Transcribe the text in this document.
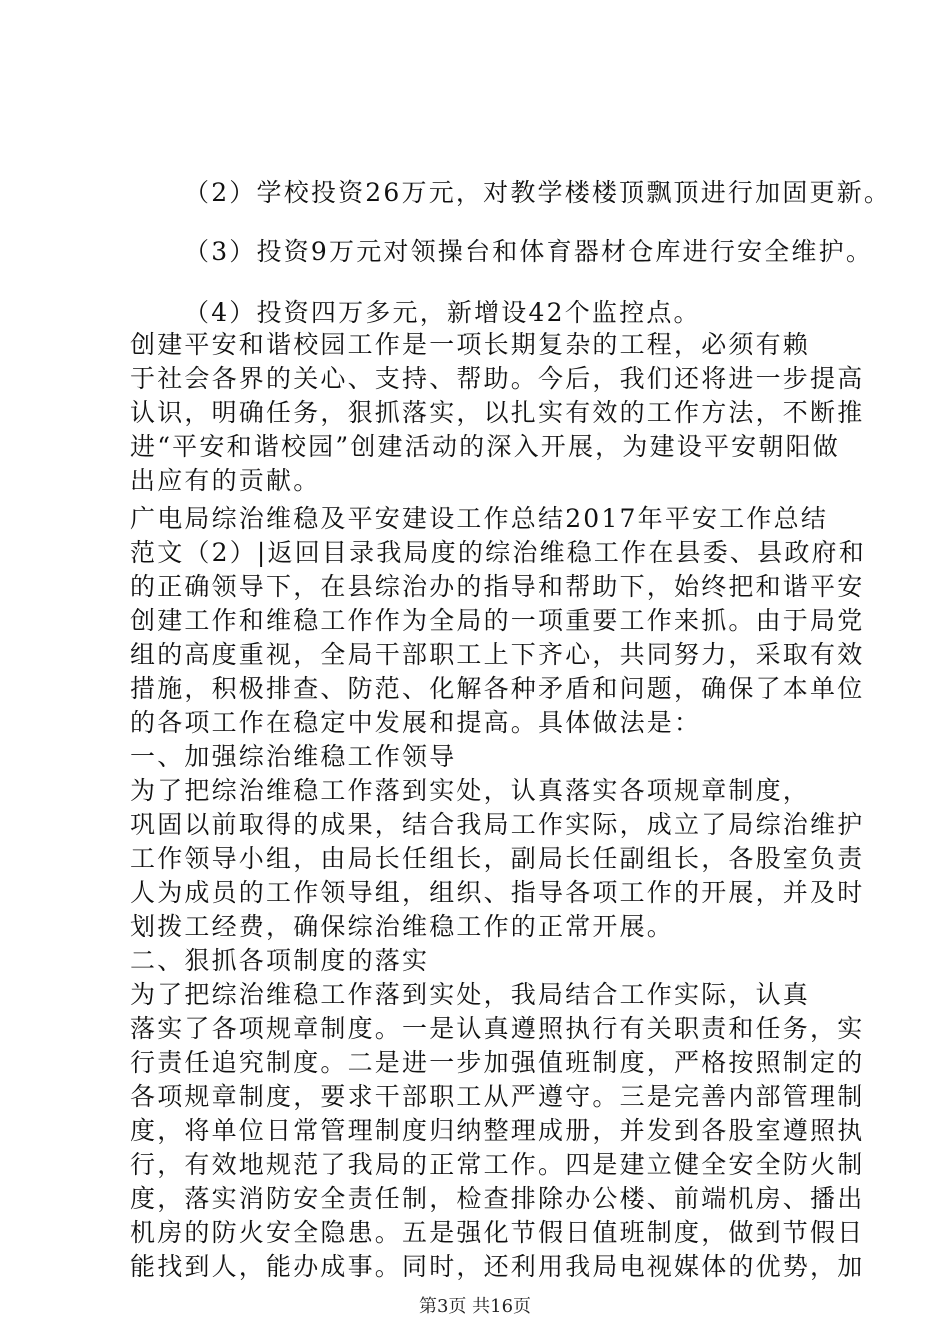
（2）学校投资26万元，对教学楼楼顶飘顶进行加固更新。
（3）投资9万元对领操台和体育器材仓库进行安全维护。
（4）投资四万多元，新增设42个监控点。
创建平安和谐校园工作是一项长期复杂的工程，必须有赖
于社会各界的关心、支持、帮助。今后，我们还将进一步提高
认识，明确任务，狠抓落实，以扎实有效的工作方法，不断推
进“平安和谐校园”创建活动的深入开展，为建设平安朝阳做
出应有的贡献。
广电局综治维稳及平安建设工作总结2017年平安工作总结
范文（2）|返回目录我局度的综治维稳工作在县委、县政府和
的正确领导下，在县综治办的指导和帮助下，始终把和谐平安
创建工作和维稳工作作为全局的一项重要工作来抓。由于局党
组的高度重视，全局干部职工上下齐心，共同努力，采取有效
措施，积极排查、防范、化解各种矛盾和问题，确保了本单位
的各项工作在稳定中发展和提高。具体做法是：
一、加强综治维稳工作领导
为了把综治维稳工作落到实处，认真落实各项规章制度，
巩固以前取得的成果，结合我局工作实际，成立了局综治维护
工作领导小组，由局长任组长，副局长任副组长，各股室负责
人为成员的工作领导组，组织、指导各项工作的开展，并及时
划拨工经费，确保综治维稳工作的正常开展。
二、狠抓各项制度的落实
为了把综治维稳工作落到实处，我局结合工作实际，认真
落实了各项规章制度。一是认真遵照执行有关职责和任务，实
行责任追究制度。二是进一步加强值班制度，严格按照制定的
各项规章制度，要求干部职工从严遵守。三是完善内部管理制
度，将单位日常管理制度归纳整理成册，并发到各股室遵照执
行，有效地规范了我局的正常工作。四是建立健全安全防火制
度，落实消防安全责任制，检查排除办公楼、前端机房、播出
机房的防火安全隐患。五是强化节假日值班制度，做到节假日
能找到人，能办成事。同时，还利用我局电视媒体的优势，加
第3页 共16页
